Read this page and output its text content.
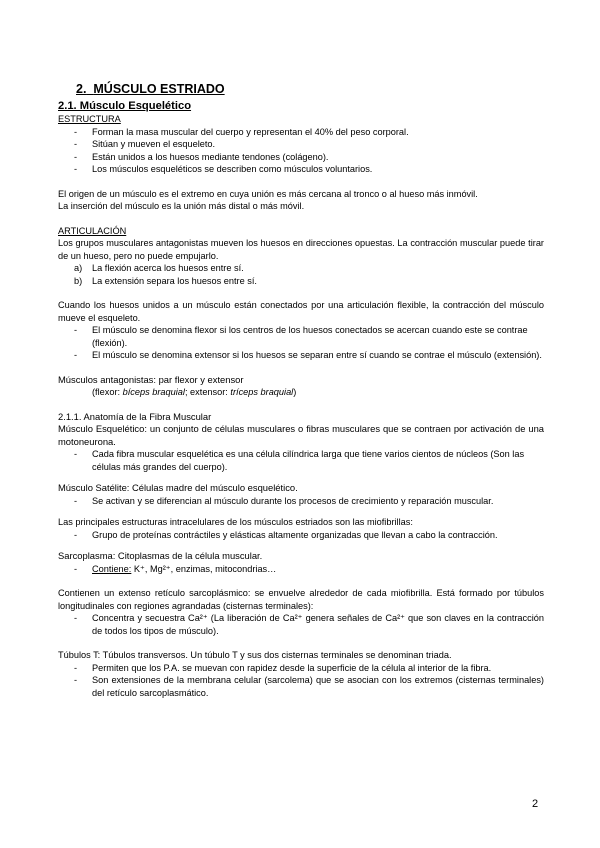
2. MÚSCULO ESTRIADO
2.1. Músculo Esquelético
ESTRUCTURA
- Forman la masa muscular del cuerpo y representan el 40% del peso corporal.
- Sitúan y mueven el esqueleto.
- Están unidos a los huesos mediante tendones (colágeno).
- Los músculos esqueléticos se describen como músculos voluntarios.
El origen de un músculo es el extremo en cuya unión es más cercana al tronco o al hueso más inmóvil.
La inserción del músculo es la unión más distal o más móvil.
ARTICULACIÓN
Los grupos musculares antagonistas mueven los huesos en direcciones opuestas. La contracción muscular puede tirar de un hueso, pero no puede empujarlo.
a) La flexión acerca los huesos entre sí.
b) La extensión separa los huesos entre sí.
Cuando los huesos unidos a un músculo están conectados por una articulación flexible, la contracción del músculo mueve el esqueleto.
- El músculo se denomina flexor si los centros de los huesos conectados se acercan cuando este se contrae (flexión).
- El músculo se denomina extensor si los huesos se separan entre sí cuando se contrae el músculo (extensión).
Músculos antagonistas: par flexor y extensor
(flexor: bíceps braquial; extensor: tríceps braquial)
2.1.1. Anatomía de la Fibra Muscular
Músculo Esquelético: un conjunto de células musculares o fibras musculares que se contraen por activación de una motoneurona.
- Cada fibra muscular esquelética es una célula cilíndrica larga que tiene varios cientos de núcleos (Son las células más grandes del cuerpo).
Músculo Satélite: Células madre del músculo esquelético.
- Se activan y se diferencian al músculo durante los procesos de crecimiento y reparación muscular.
Las principales estructuras intracelulares de los músculos estriados son las miofibrillas:
- Grupo de proteínas contráctiles y elásticas altamente organizadas que llevan a cabo la contracción.
Sarcoplasma: Citoplasmas de la célula muscular.
- Contiene: K⁺, Mg²⁺, enzimas, mitocondrias…
Contienen un extenso retículo sarcoplásmico: se envuelve alrededor de cada miofibrilla. Está formado por túbulos longitudinales con regiones agrandadas (cisternas terminales):
- Concentra y secuestra Ca²⁺ (La liberación de Ca²⁺ genera señales de Ca²⁺ que son claves en la contracción de todos los tipos de músculo).
Túbulos T: Túbulos transversos. Un túbulo T y sus dos cisternas terminales se denominan triada.
- Permiten que los P.A. se muevan con rapidez desde la superficie de la célula al interior de la fibra.
- Son extensiones de la membrana celular (sarcolema) que se asocian con los extremos (cisternas terminales) del retículo sarcoplasmático.
2
